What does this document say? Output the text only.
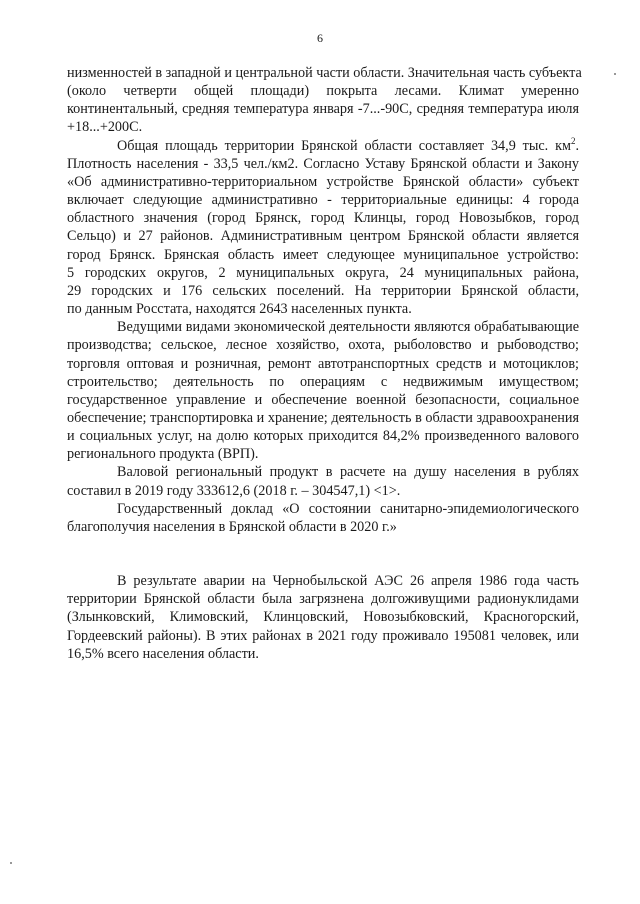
6

низменностей в западной и центральной части области. Значительная часть субъекта
(около четверти общей площади) покрыта лесами. Климат умеренно
континентальный, средняя температура января -7...-90С, средняя температура июля
+18...+200С.

Общая площадь территории Брянской области составляет 34,9 тыс. $км^2$.
Плотность населения - 33,5 чел./км2. Согласно Уставу Брянской области и Закону
«Об административно-территориальном устройстве Брянской области» субъект
включает следующие административно - территориальные единицы: 4 города
областного значения (город Брянск, город Клинцы, город Новозыбков, город
Сельцо) и 27 районов. Административным центром Брянской области является
город Брянск. Брянская область имеет следующее муниципальное устройство:
5 городских округов, 2 муниципальных округа, 24 муниципальных района,
29 городских и 176 сельских поселений. На территории Брянской области,
по данным Росстата, находятся 2643 населенных пункта.

Ведущими видами экономической деятельности являются обрабатывающие
производства; сельское, лесное хозяйство, охота, рыболовство и рыбоводство;
торговля оптовая и розничная, ремонт автотранспортных средств и мотоциклов;
строительство; деятельность по операциям с недвижимым имуществом;
государственное управление и обеспечение военной безопасности, социальное
обеспечение; транспортировка и хранение; деятельность в области здравоохранения
и социальных услуг, на долю которых приходится 84,2% произведенного валового
регионального продукта (ВРП).

Валовой региональный продукт в расчете на душу населения в рублях
составил в 2019 году 333612,6 (2018 г. – 304547,1) <1>.

Государственный доклад «О состоянии санитарно-эпидемиологического
благополучия населения в Брянской области в 2020 г.»

В результате аварии на Чернобыльской АЭС 26 апреля 1986 года часть
территории Брянской области была загрязнена долгоживущими радионуклидами
(Злынковский, Климовский, Клинцовский, Новозыбковский, Красногорский,
Гордеевский районы). В этих районах в 2021 году проживало 195081 человек, или
16,5% всего населения области.
